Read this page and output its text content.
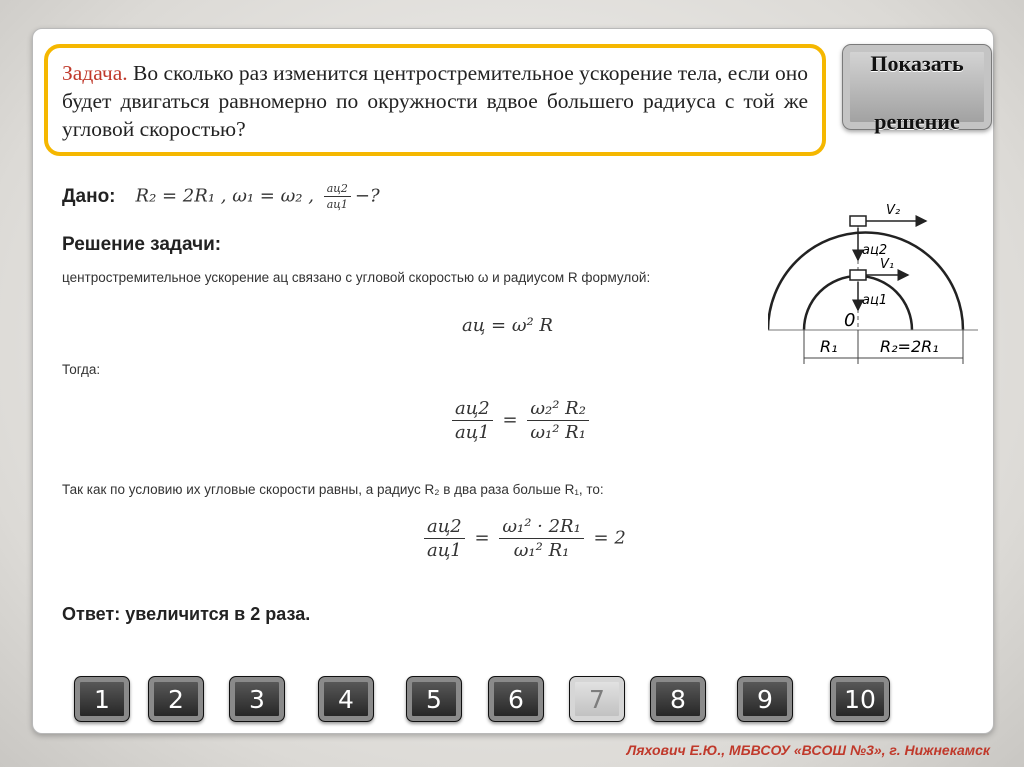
Задача. Во сколько раз изменится центростремительное ускорение тела, если оно будет двигаться равномерно по окружности вдвое большего радиуса с той же угловой скоростью?
Показать

решение
Дано: R₂ = 2R₁ , ω₁ = ω₂ , $\frac{aц2}{aц1}$ −?
Решение задачи:
центростремительное ускорение aц связано с угловой скоростью ω и радиусом R формулой:
aц = ω² R
Тогда:
$\frac{aц2}{aц1} = \frac{\text{ω₂² R₂}}{\text{ω₁² R₁}}$
Так как по условию их угловые скорости равны, а радиус R₂ в два раза больше R₁, то:
$\frac{aц2}{aц1} = \frac{\text{ω₁² · 2R₁}}{\text{ω₁² R₁}} = 2$
Ответ: увеличится в 2 раза.
V₂
V₁
aц2
aц1
0
R₁	R₂=2R₁
1	2	3	4	5	6	7	8	9	10
Ляхович Е.Ю., МБВСОУ «ВСОШ №3», г. Нижнекамск
